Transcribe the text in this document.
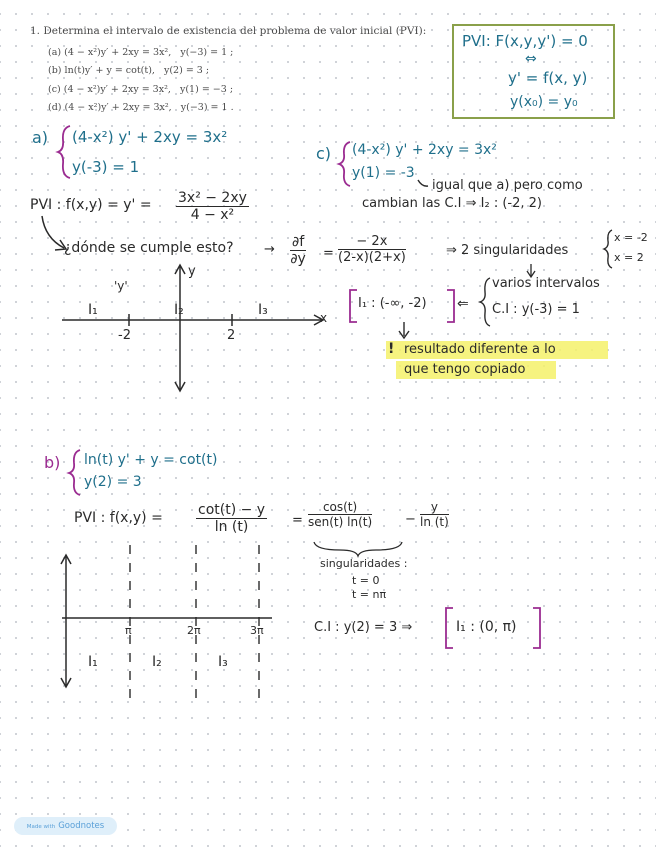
1. Determina el intervalo de existencia del problema de valor inicial (PVI):
(a) (4 − x²)y′ + 2xy = 3x², y(−3) = 1 ;
(b) ln(t)y′ + y = cot(t), y(2) = 3 ;
(c) (4 − x²)y′ + 2xy = 3x², y(1) = −3 ;
(d) (4 − x²)y′ + 2xy = 3x², y(−3) = 1 .
PVI: F(x,y,y') = 0
⇔
y' = f(x, y)
y(x₀) = y₀
a) (4-x²) y' + 2xy = 3x²
y(-3) = 1
PVI : $f(x,y) = y' = \frac{\text{3x² − 2xy}}{\text{4 − x²}}$
¿dónde se cumple esto? → $\frac{\partial f}{\partial y} = \frac{- 2x}{(2-x)(2+x)}$	⇒ 2 singularidades
x = -2
x = 2
y
x
'y'
-2	2
I₁	I₂	I₃	I₁ : (-∞, -2) ⇐
varios intervalos
C.I : y(-3) = 1
! resultado diferente a lo
que tengo copiado
c) (4-x²) y' + 2xy = 3x²
y(1) = -3
igual que a) pero como
cambian las C.I ⇒ I₂ : (-2, 2)
b) ln(t) y' + y = cot(t)
y(2) = 3
PVI : $f(x,y) = \frac{\cot(t) - y}{\ln (t)}$ =
cos(t)
sen(t) ln(t)	− $\frac{y}{\ln (t)}$
singularidades :
t = 0
t = nπ
π	2π	3π
I₁	I₂	I₃
C.I : y(2) = 3 ⇒	I₁ : (0, π)
Made with Goodnotes
